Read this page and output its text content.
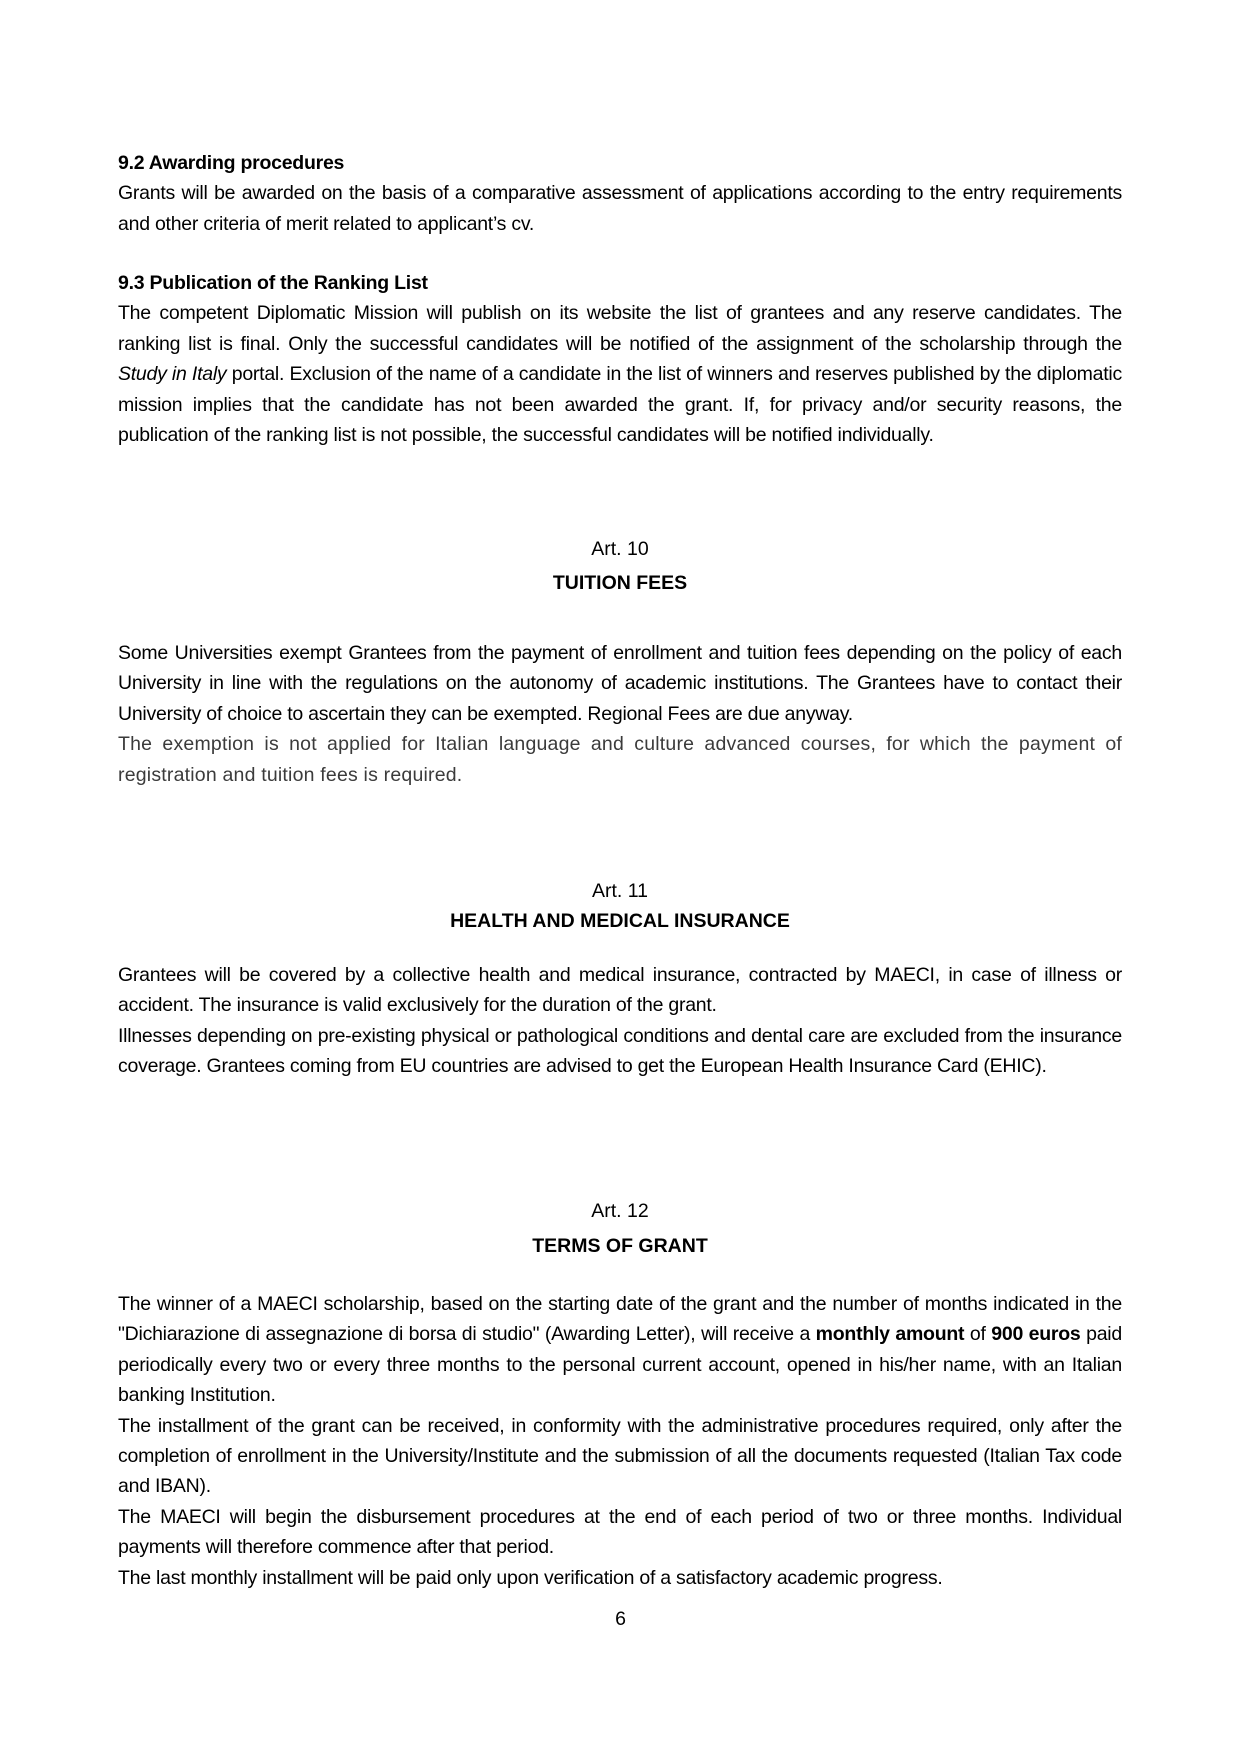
9.2 Awarding procedures

Grants will be awarded on the basis of a comparative assessment of applications according to the entry requirements and other criteria of merit related to applicant’s cv.

9.3 Publication of the Ranking List

The competent Diplomatic Mission will publish on its website the list of grantees and any reserve candidates. The ranking list is final. Only the successful candidates will be notified of the assignment of the scholarship through the Study in Italy portal. Exclusion of the name of a candidate in the list of winners and reserves published by the diplomatic mission implies that the candidate has not been awarded the grant. If, for privacy and/or security reasons, the publication of the ranking list is not possible, the successful candidates will be notified individually.

Art. 10
TUITION FEES

Some Universities exempt Grantees from the payment of enrollment and tuition fees depending on the policy of each University in line with the regulations on the autonomy of academic institutions. The Grantees have to contact their University of choice to ascertain they can be exempted. Regional Fees are due anyway.

The exemption is not applied for Italian language and culture advanced courses, for which the payment of registration and tuition fees is required.

Art. 11
HEALTH AND MEDICAL INSURANCE

Grantees will be covered by a collective health and medical insurance, contracted by MAECI, in case of illness or accident. The insurance is valid exclusively for the duration of the grant.

Illnesses depending on pre-existing physical or pathological conditions and dental care are excluded from the insurance coverage. Grantees coming from EU countries are advised to get the European Health Insurance Card (EHIC).

Art. 12
TERMS OF GRANT

The winner of a MAECI scholarship, based on the starting date of the grant and the number of months indicated in the "Dichiarazione di assegnazione di borsa di studio" (Awarding Letter), will receive a monthly amount of 900 euros paid periodically every two or every three months to the personal current account, opened in his/her name, with an Italian banking Institution.

The installment of the grant can be received, in conformity with the administrative procedures required, only after the completion of enrollment in the University/Institute and the submission of all the documents requested (Italian Tax code and IBAN).

The MAECI will begin the disbursement procedures at the end of each period of two or three months. Individual payments will therefore commence after that period.

The last monthly installment will be paid only upon verification of a satisfactory academic progress.

6
